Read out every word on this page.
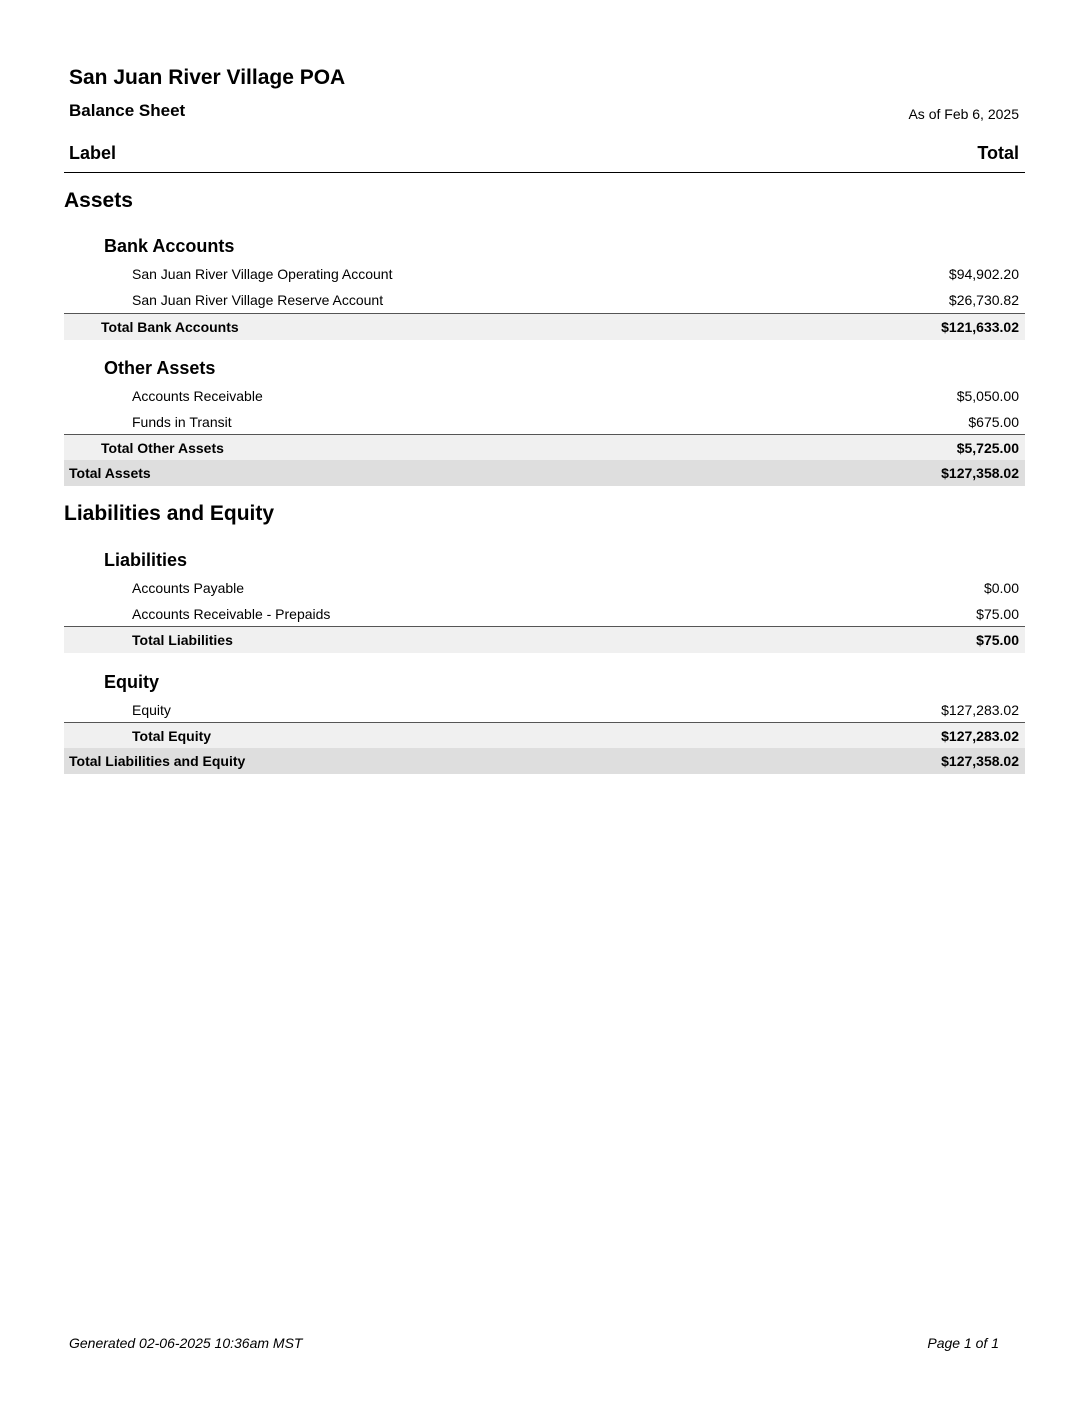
San Juan River Village POA
Balance Sheet	As of Feb 6, 2025
Label	Total
Assets
Bank Accounts
San Juan River Village Operating Account	$94,902.20
San Juan River Village Reserve Account	$26,730.82
Total Bank Accounts	$121,633.02
Other Assets
Accounts Receivable	$5,050.00
Funds in Transit	$675.00
Total Other Assets	$5,725.00
Total Assets	$127,358.02
Liabilities and Equity
Liabilities
Accounts Payable	$0.00
Accounts Receivable - Prepaids	$75.00
Total Liabilities	$75.00
Equity
Equity	$127,283.02
Total Equity	$127,283.02
Total Liabilities and Equity	$127,358.02
Generated 02-06-2025 10:36am MST	Page 1 of 1
